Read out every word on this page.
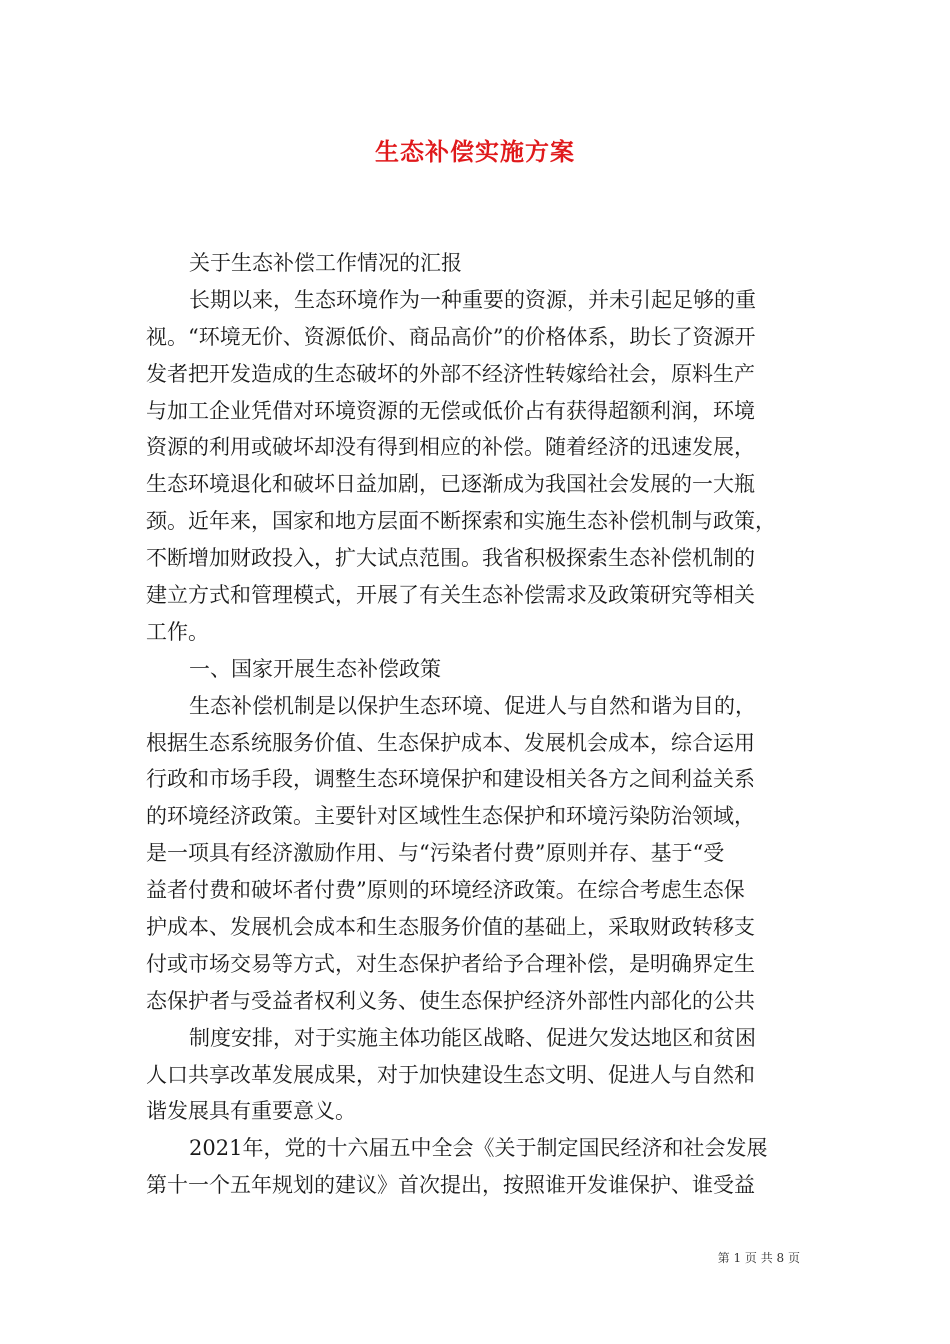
生态补偿实施方案
关于生态补偿工作情况的汇报
长期以来，生态环境作为一种重要的资源，并未引起足够的重
视。“环境无价、资源低价、商品高价”的价格体系，助长了资源开
发者把开发造成的生态破坏的外部不经济性转嫁给社会，原料生产
与加工企业凭借对环境资源的无偿或低价占有获得超额利润，环境
资源的利用或破坏却没有得到相应的补偿。随着经济的迅速发展，
生态环境退化和破坏日益加剧，已逐渐成为我国社会发展的一大瓶
颈。近年来，国家和地方层面不断探索和实施生态补偿机制与政策，
不断增加财政投入，扩大试点范围。我省积极探索生态补偿机制的
建立方式和管理模式，开展了有关生态补偿需求及政策研究等相关
工作。
一、国家开展生态补偿政策
生态补偿机制是以保护生态环境、促进人与自然和谐为目的，
根据生态系统服务价值、生态保护成本、发展机会成本，综合运用
行政和市场手段，调整生态环境保护和建设相关各方之间利益关系
的环境经济政策。主要针对区域性生态保护和环境污染防治领域，
是一项具有经济激励作用、与“污染者付费”原则并存、基于“受
益者付费和破坏者付费”原则的环境经济政策。在综合考虑生态保
护成本、发展机会成本和生态服务价值的基础上，采取财政转移支
付或市场交易等方式，对生态保护者给予合理补偿，是明确界定生
态保护者与受益者权利义务、使生态保护经济外部性内部化的公共
制度安排，对于实施主体功能区战略、促进欠发达地区和贫困
人口共享改革发展成果，对于加快建设生态文明、促进人与自然和
谐发展具有重要意义。
2021年，党的十六届五中全会《关于制定国民经济和社会发展
第十一个五年规划的建议》首次提出，按照谁开发谁保护、谁受益
第 1 页 共 8 页
